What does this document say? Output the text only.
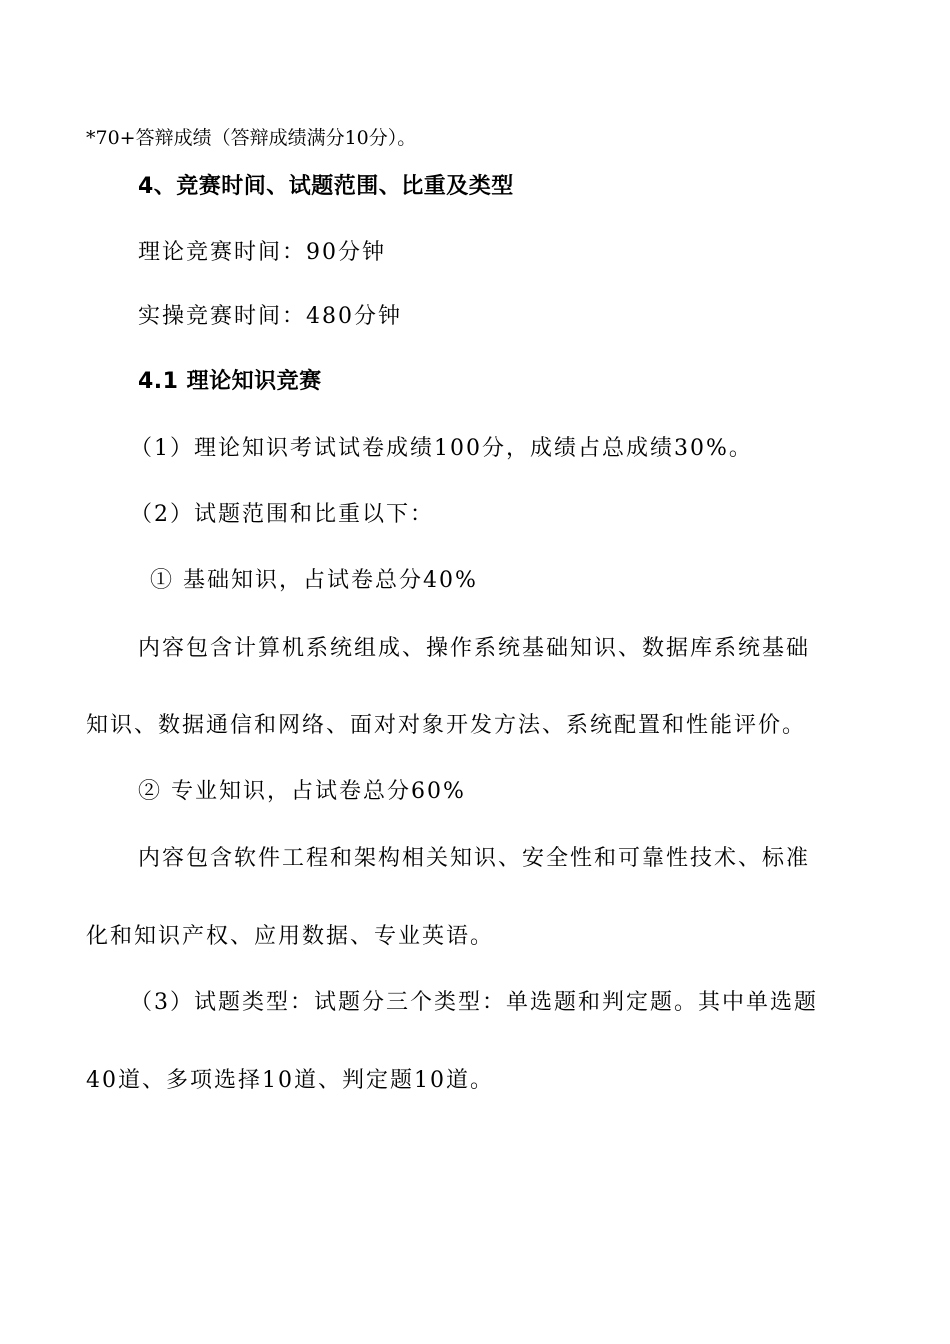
*70+答辩成绩（答辩成绩满分10分）。
4、竞赛时间、试题范围、比重及类型
理论竞赛时间：90分钟
实操竞赛时间：480分钟
4.1 理论知识竞赛
（1）理论知识考试试卷成绩100分，成绩占总成绩30%。
（2）试题范围和比重以下：
① 基础知识，占试卷总分40%
内容包含计算机系统组成、操作系统基础知识、数据库系统基础
知识、数据通信和网络、面对对象开发方法、系统配置和性能评价。
② 专业知识，占试卷总分60%
内容包含软件工程和架构相关知识、安全性和可靠性技术、标准
化和知识产权、应用数据、专业英语。
（3）试题类型：试题分三个类型：单选题和判定题。其中单选题
40道、多项选择10道、判定题10道。
